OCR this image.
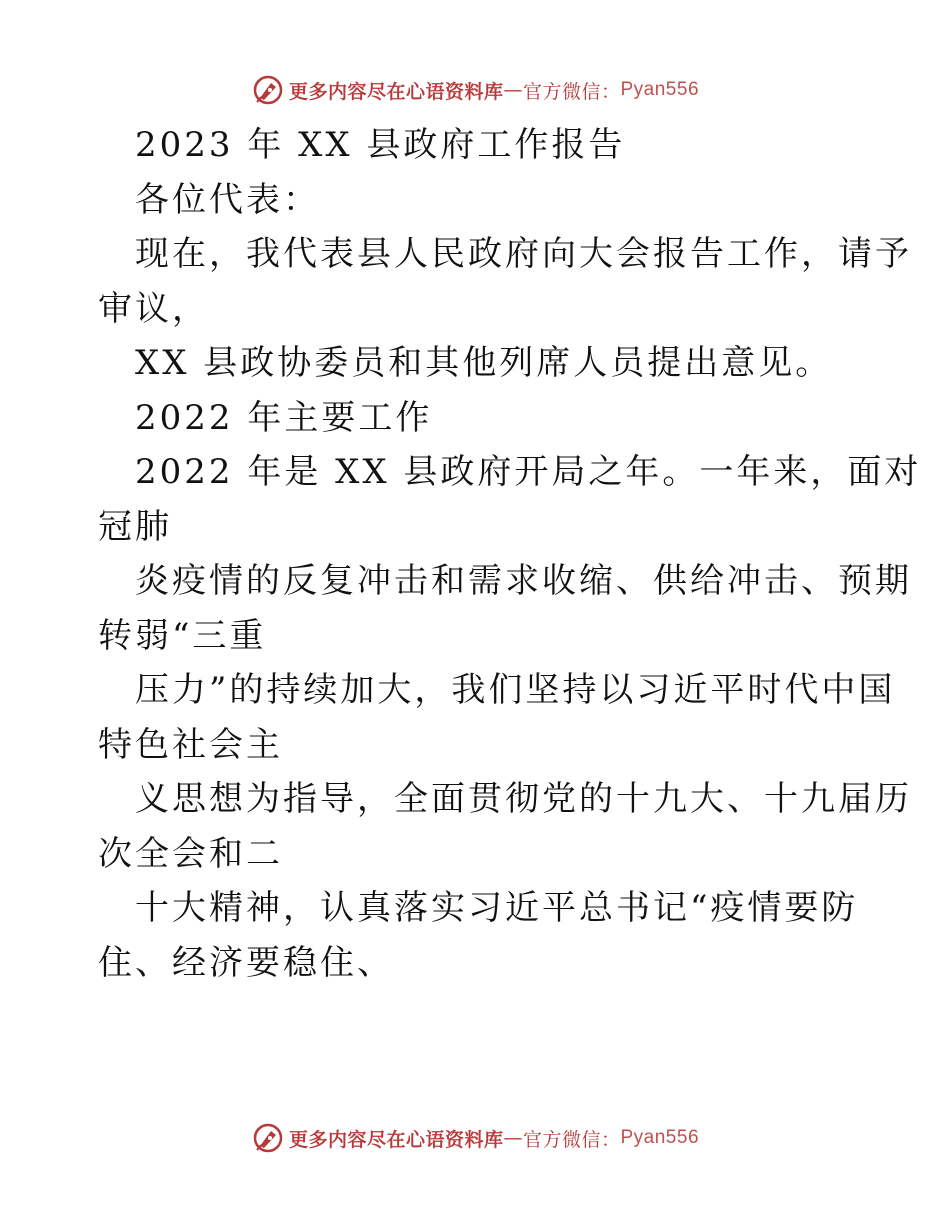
更多内容尽在心语资料库 — 官方微信： Pyan556
2023 年 XX 县政府工作报告
各位代表：
现在，我代表县人民政府向大会报告工作，请予
审议，
XX 县政协委员和其他列席人员提出意见。
2022 年主要工作
2022 年是 XX 县政府开局之年。一年来，面对
冠肺
炎疫情的反复冲击和需求收缩、供给冲击、预期
转弱“三重
压力”的持续加大，我们坚持以习近平时代中国
特色社会主
义思想为指导，全面贯彻党的十九大、十九届历
次全会和二
十大精神，认真落实习近平总书记“疫情要防
住、经济要稳住、
更多内容尽在心语资料库 — 官方微信： Pyan556
